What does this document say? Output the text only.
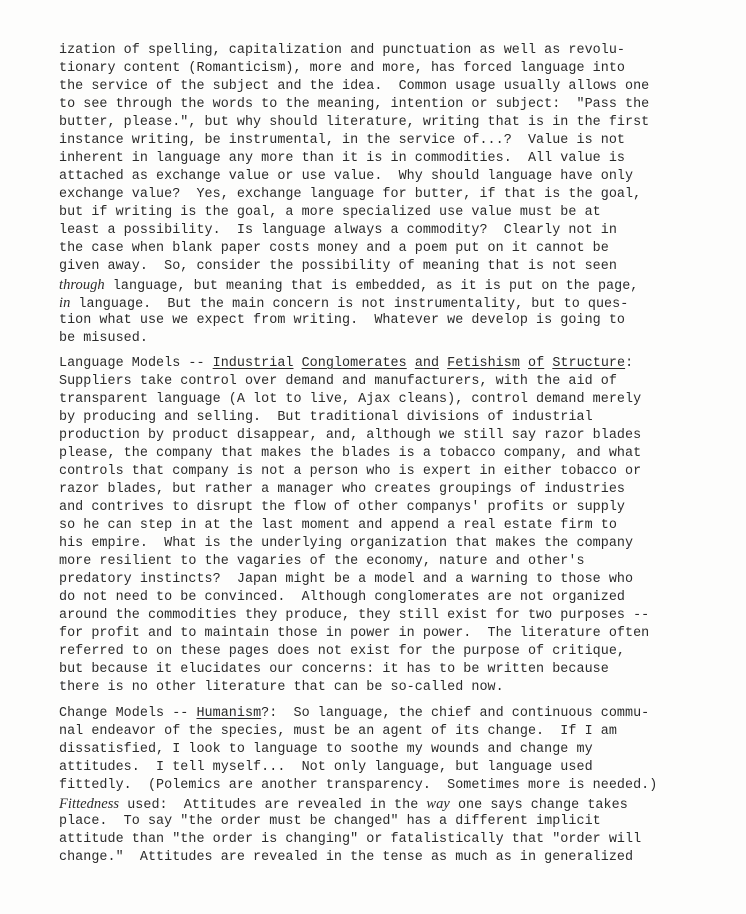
ization of spelling, capitalization and punctuation as well as revolu-
tionary content (Romanticism), more and more, has forced language into
the service of the subject and the idea.  Common usage usually allows one
to see through the words to the meaning, intention or subject:  "Pass the
butter, please.", but why should literature, writing that is in the first
instance writing, be instrumental, in the service of...?  Value is not
inherent in language any more than it is in commodities.  All value is
attached as exchange value or use value.  Why should language have only
exchange value?  Yes, exchange language for butter, if that is the goal,
but if writing is the goal, a more specialized use value must be at
least a possibility.  Is language always a commodity?  Clearly not in
the case when blank paper costs money and a poem put on it cannot be
given away.  So, consider the possibility of meaning that is not seen
through language, but meaning that is embedded, as it is put on the page,
in language.  But the main concern is not instrumentality, but to ques-
tion what use we expect from writing.  Whatever we develop is going to
be misused.
Language Models -- Industrial Conglomerates and Fetishism of Structure:
Suppliers take control over demand and manufacturers, with the aid of
transparent language (A lot to live, Ajax cleans), control demand merely
by producing and selling.  But traditional divisions of industrial
production by product disappear, and, although we still say razor blades
please, the company that makes the blades is a tobacco company, and what
controls that company is not a person who is expert in either tobacco or
razor blades, but rather a manager who creates groupings of industries
and contrives to disrupt the flow of other companys' profits or supply
so he can step in at the last moment and append a real estate firm to
his empire.  What is the underlying organization that makes the company
more resilient to the vagaries of the economy, nature and other's
predatory instincts?  Japan might be a model and a warning to those who
do not need to be convinced.  Although conglomerates are not organized
around the commodities they produce, they still exist for two purposes --
for profit and to maintain those in power in power.  The literature often
referred to on these pages does not exist for the purpose of critique,
but because it elucidates our concerns: it has to be written because
there is no other literature that can be so-called now.
Change Models -- Humanism?:  So language, the chief and continuous commu-
nal endeavor of the species, must be an agent of its change.  If I am
dissatisfied, I look to language to soothe my wounds and change my
attitudes.  I tell myself...  Not only language, but language used
fittedly.  (Polemics are another transparency.  Sometimes more is needed.)
Fittedness used:  Attitudes are revealed in the way one says change takes
place.  To say "the order must be changed" has a different implicit
attitude than "the order is changing" or fatalistically that "order will
change."  Attitudes are revealed in the tense as much as in generalized
